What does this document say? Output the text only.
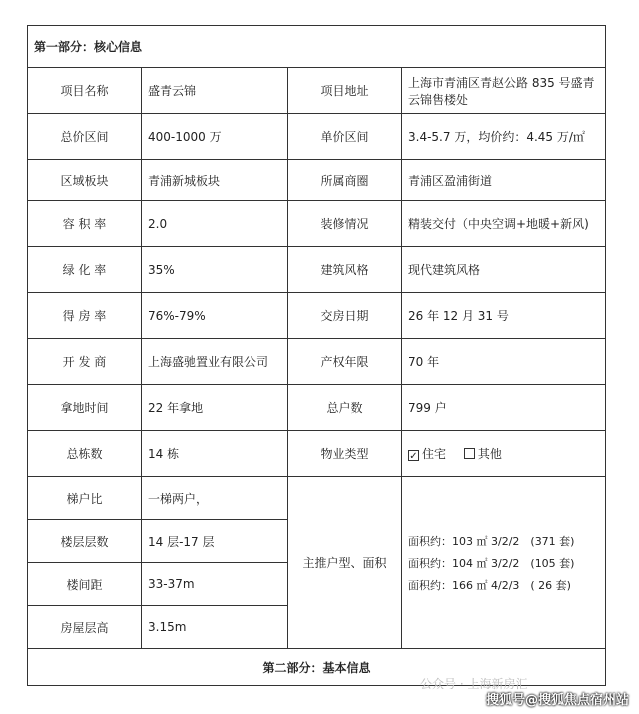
第一部分：核心信息			
项目名称	盛青云锦	项目地址	上海市青浦区青赵公路 835 号盛青云锦售楼处
总价区间	400-1000 万	单价区间	3.4-5.7 万，均价约：4.45 万/㎡
区域板块	青浦新城板块	所属商圈	青浦区盈浦街道
容 积 率	2.0	装修情况	精装交付（中央空调+地暖+新风)
绿 化 率	35%	建筑风格	现代建筑风格
得 房 率	76%-79%	交房日期	26 年 12 月 31 号
开 发 商	上海盛驰置业有限公司	产权年限	70 年
拿地时间	22 年拿地	总户数	799 户
总栋数	14 栋	物业类型	✓ 住宅 其他
梯户比	一梯两户，	主推户型、面积	面积约：103 ㎡ 3/2/2　(371 套)
面积约：104 ㎡ 3/2/2　(105 套)
面积约：166 ㎡ 4/2/3　( 26 套)

楼层层数	14 层-17 层		
楼间距	33-37m		
房屋层高	3.15m		
第二部分：基本信息			
公众号 · 上海新房汇
搜狐号@搜狐焦点宿州站
